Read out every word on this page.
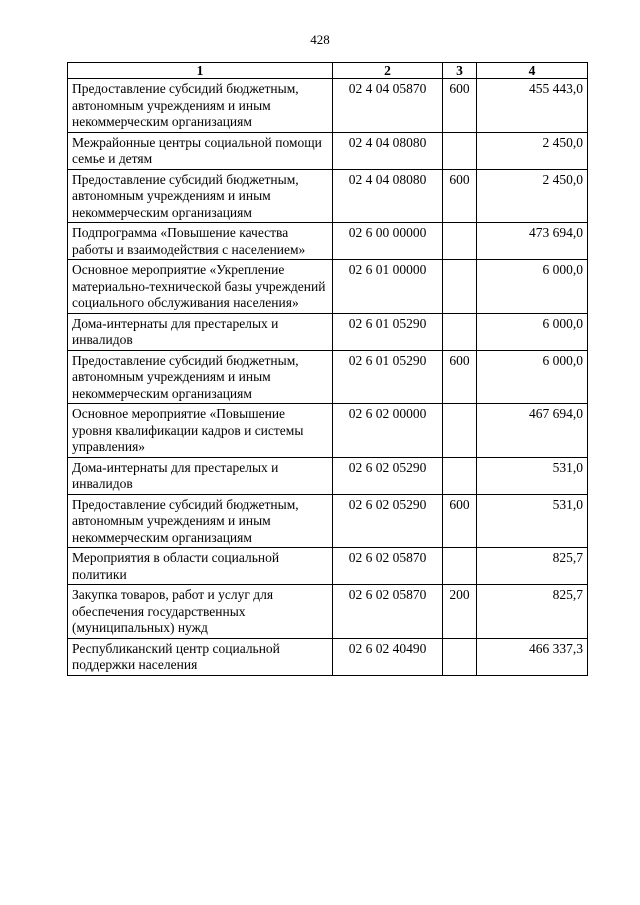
428
1	2	3	4
Предоставление субсидий бюджетным, автономным учреждениям и иным некоммерческим организациям	02 4 04 05870	600	455 443,0
Межрайонные центры социальной помощи семье и детям	02 4 04 08080		2 450,0
Предоставление субсидий бюджетным, автономным учреждениям и иным некоммерческим организациям	02 4 04 08080	600	2 450,0
Подпрограмма «Повышение качества работы и взаимодействия с населением»	02 6 00 00000		473 694,0
Основное мероприятие «Укрепление материально-технической базы учреждений социального обслуживания населения»	02 6 01 00000		6 000,0
Дома-интернаты для престарелых и инвалидов	02 6 01 05290		6 000,0
Предоставление субсидий бюджетным, автономным учреждениям и иным некоммерческим организациям	02 6 01 05290	600	6 000,0
Основное мероприятие «Повышение уровня квалификации кадров и системы управления»	02 6 02 00000		467 694,0
Дома-интернаты для престарелых и инвалидов	02 6 02 05290		531,0
Предоставление субсидий бюджетным, автономным учреждениям и иным некоммерческим организациям	02 6 02 05290	600	531,0
Мероприятия в области социальной политики	02 6 02 05870		825,7
Закупка товаров, работ и услуг для обеспечения государственных (муниципальных) нужд	02 6 02 05870	200	825,7
Республиканский центр социальной поддержки населения	02 6 02 40490		466 337,3
